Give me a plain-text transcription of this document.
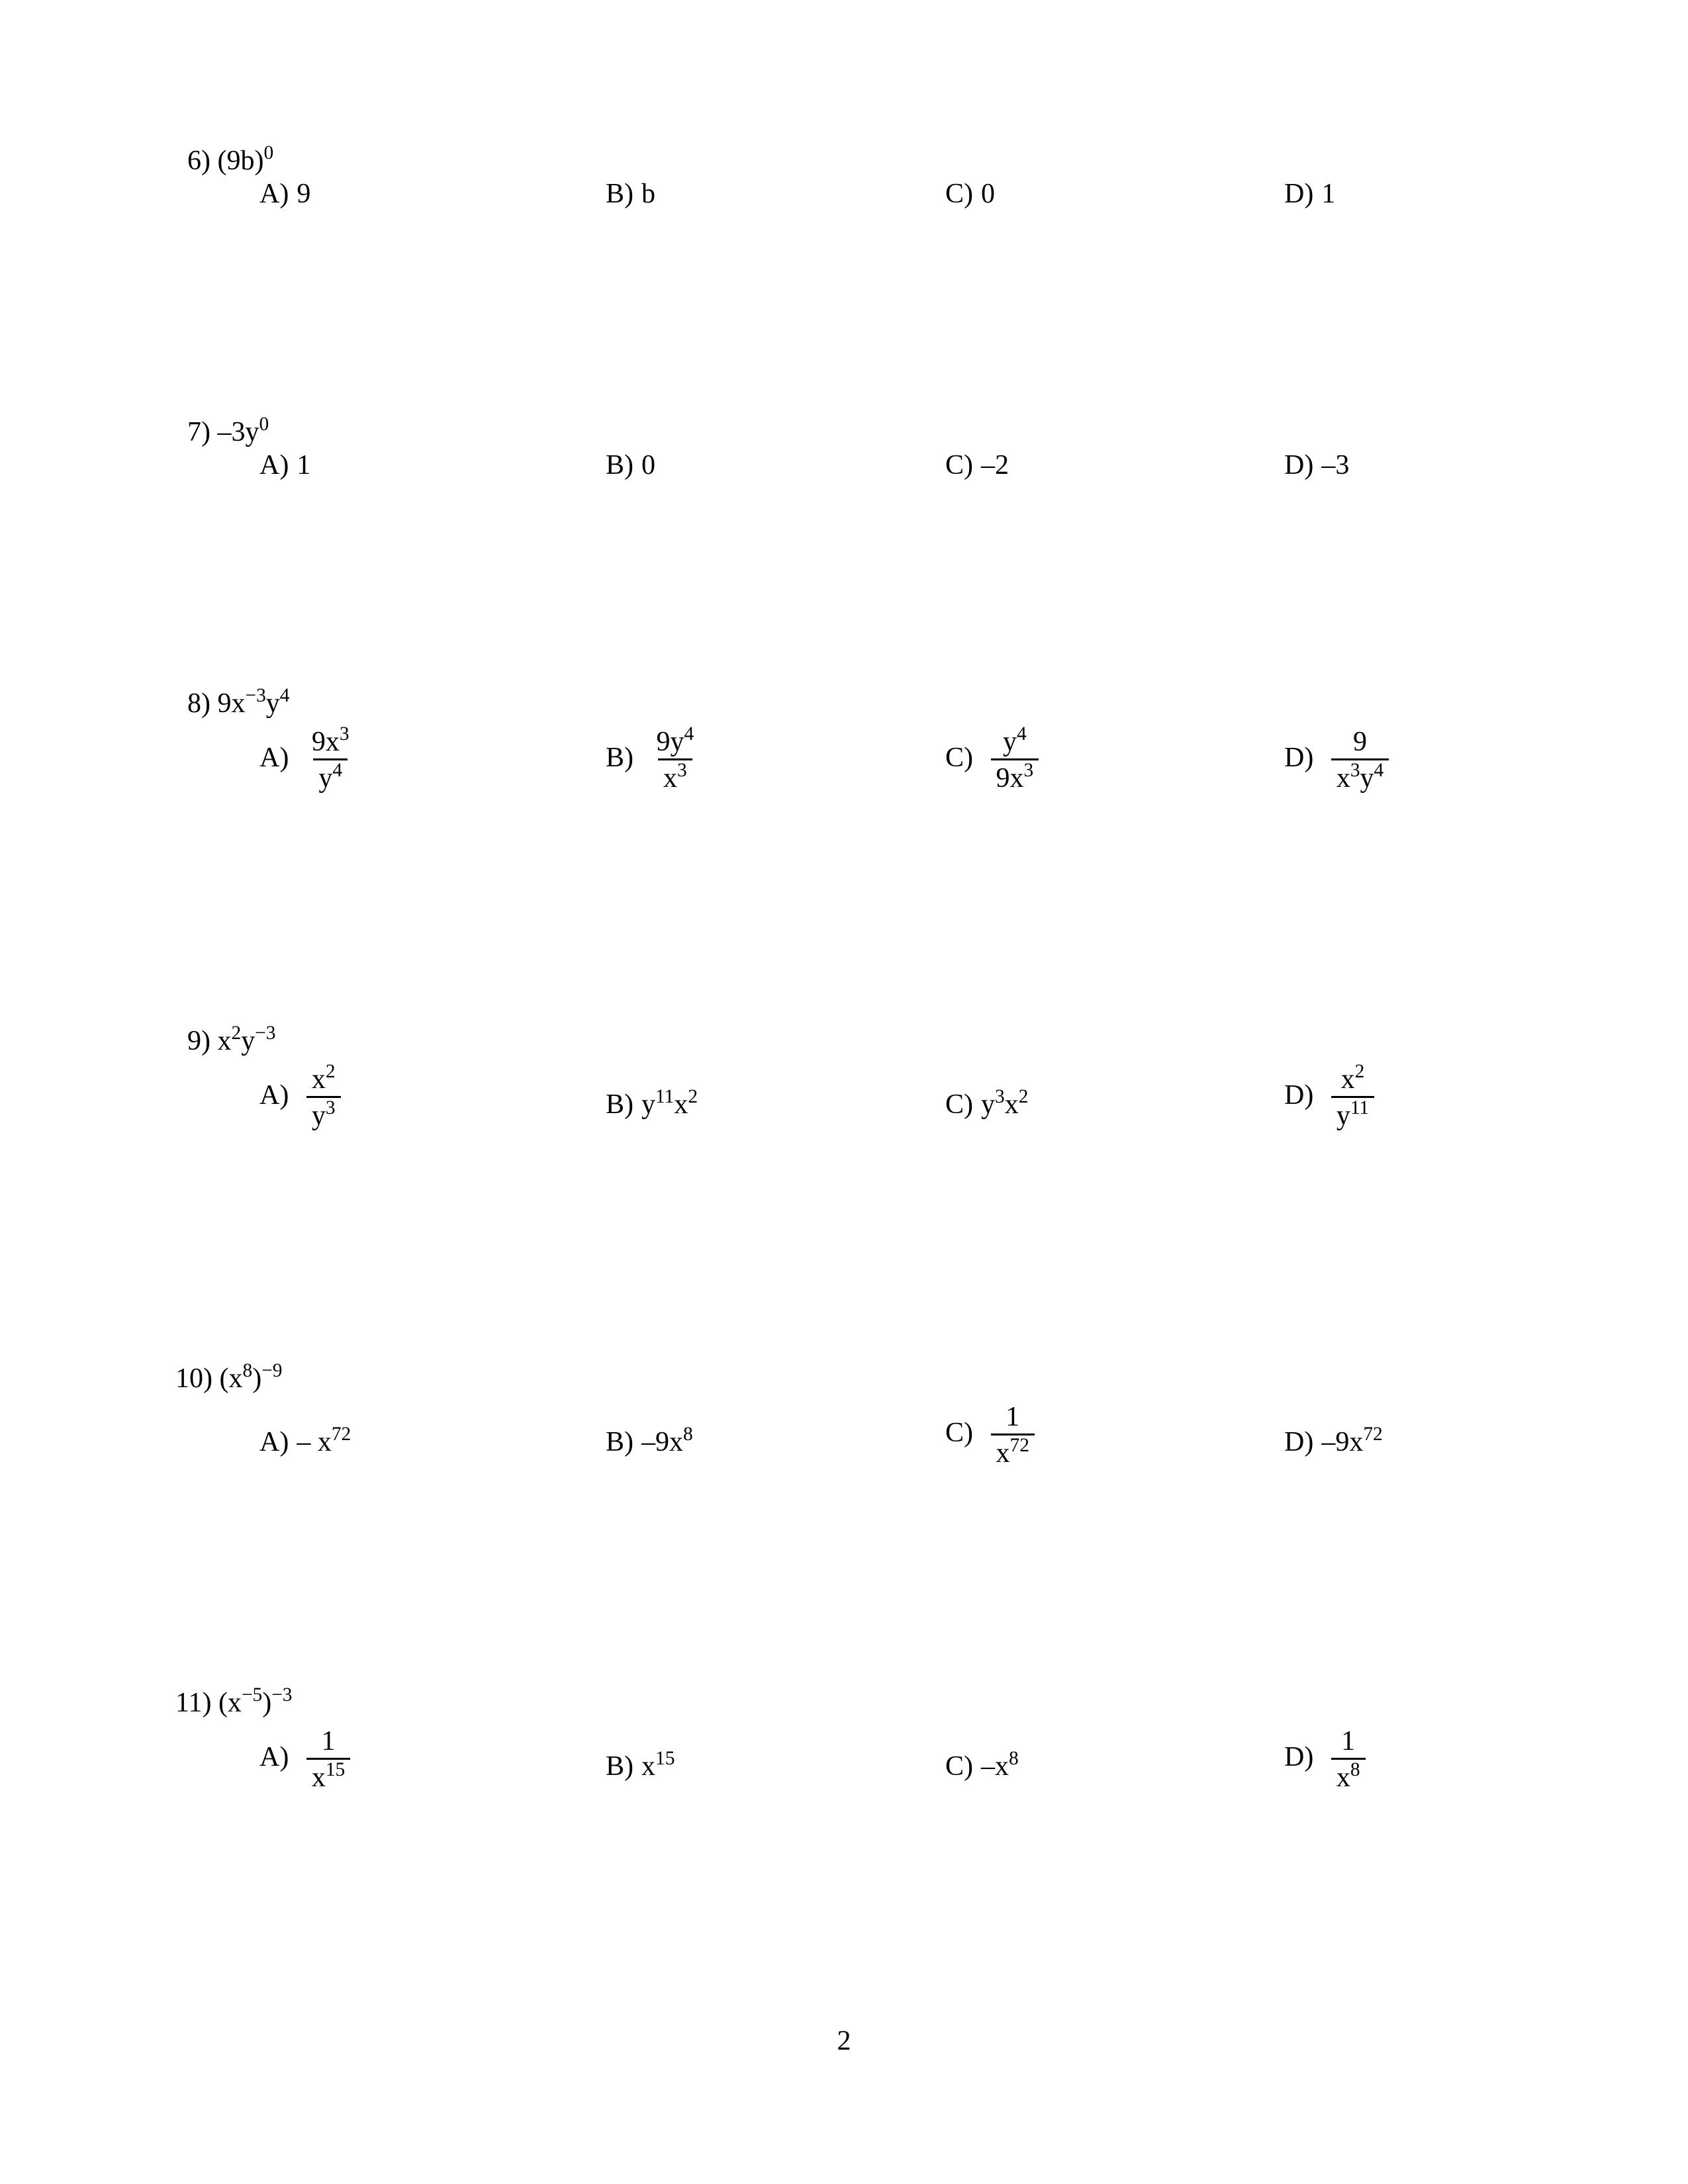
6) $(9b)^0$
A) 9	B) b	C) 0	D) 1
7) $-3y^0$
A) 1	B) 0	C) –2	D) –3
8) $9x^{-3}y^4$
$A) \frac{9x^3}{y^4}$	$B) \frac{9y^4}{x^3}$	$C) \frac{y^4}{9x^3}$	$D) \frac{9}{x^3y^4}$
9) $x^2y^{-3}$
$A) \frac{x^2}{y^3}$	B) $y^{11}x^2$	C) $y^3x^2$	$D) \frac{x^2}{y^{11}}$
10) $(x^8)^{-9}$
$A) - x^{72}$	B) $-9x^8$	$C) \frac{1}{x^{72}}$	D) $-9x^{72}$
11) $(x^{-5})^{-3}$
$A) \frac{1}{x^{15}}$	B) $x^{15}$	C) $-x^8$	$D) \frac{1}{x^8}$
2
